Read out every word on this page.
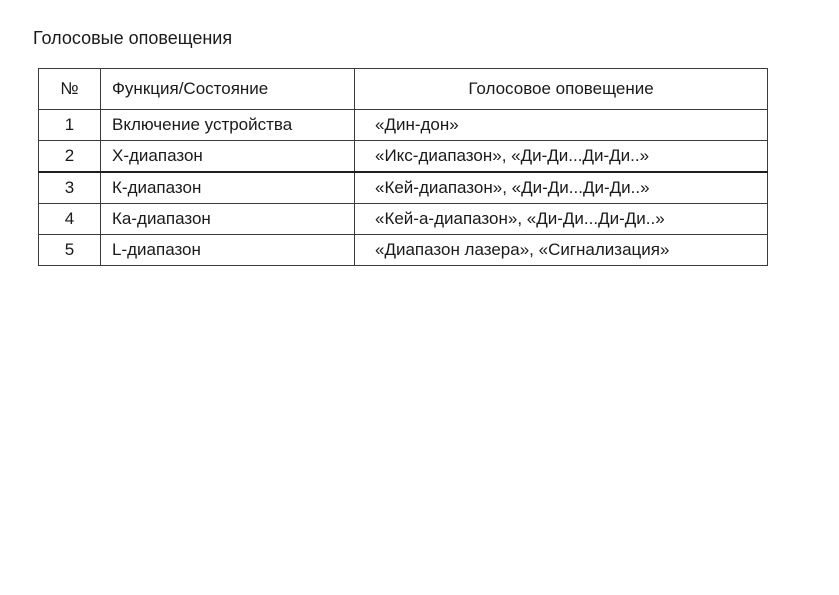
Голосовые оповещения
№	Функция/Состояние	Голосовое оповещение
1	Включение устройства	«Дин-дон»
2	X-диапазон	«Икс-диапазон», «Ди-Ди...Ди-Ди..»
3	К-диапазон	«Кей-диапазон», «Ди-Ди...Ди-Ди..»
4	Ка-диапазон	«Кей-а-диапазон», «Ди-Ди...Ди-Ди..»
5	L-диапазон	«Диапазон лазера», «Сигнализация»
